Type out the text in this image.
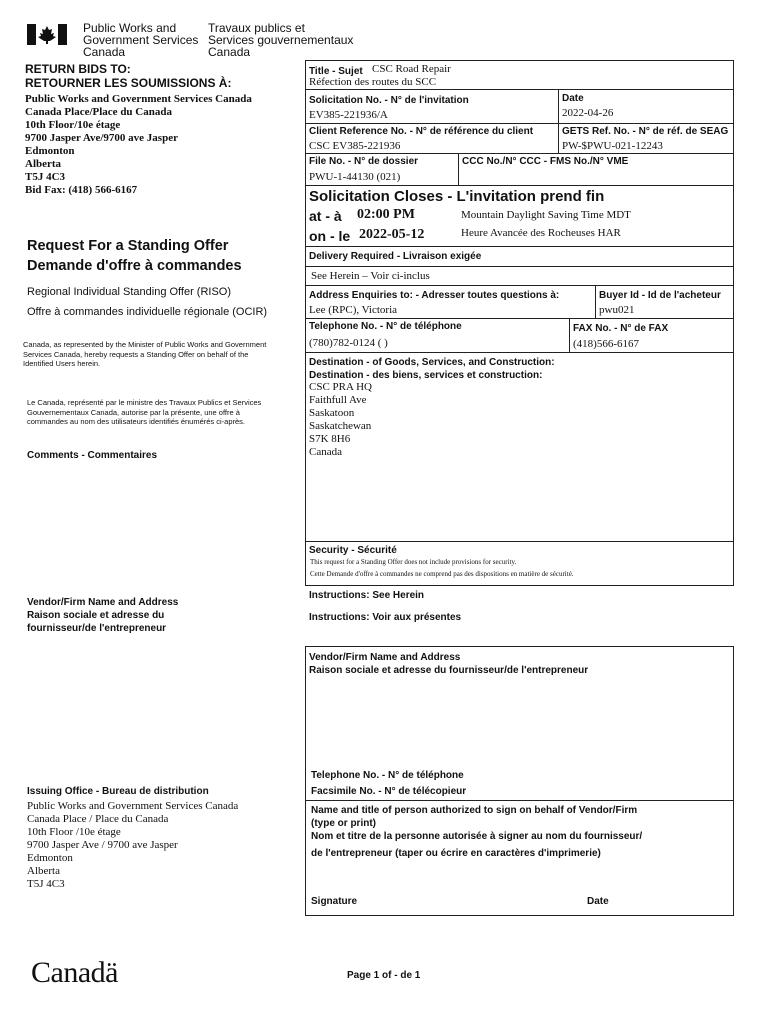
Public Works and
Government Services
Canada
Travaux publics et
Services gouvernementaux
Canada
RETURN BIDS TO:
RETOURNER LES SOUMISSIONS À:
Public Works and Government Services Canada
Canada Place/Place du Canada
10th Floor/10e étage
9700 Jasper Ave/9700 ave Jasper
Edmonton
Alberta
T5J 4C3
Bid Fax: (418) 566-6167
Request For a Standing Offer
Demande d'offre à commandes
Regional Individual Standing Offer (RISO)
Offre à commandes individuelle régionale (OCIR)
Canada, as represented by the Minister of Public Works and Government Services Canada, hereby requests a Standing Offer on behalf of the Identified Users herein.
Le Canada, représenté par le ministre des Travaux Publics et Services Gouvernementaux Canada, autorise par la présente, une offre à commandes au nom des utilisateurs identifiés énumérés ci-après.
Comments - Commentaires
Vendor/Firm Name and Address
Raison sociale et adresse du
fournisseur/de l'entrepreneur
Issuing Office - Bureau de distribution
Public Works and Government Services Canada
Canada Place / Place du Canada
10th Floor /10e étage
9700 Jasper Ave / 9700 ave Jasper
Edmonton
Alberta
T5J 4C3
Title - Sujet CSC Road Repair
Réfection des routes du SCC
Solicitation No. - N° de l'invitation
EV385-221936/A
Date
2022-04-26
Client Reference No. - N° de référence du client
CSC EV385-221936
GETS Ref. No. - N° de réf. de SEAG
PW-$PWU-021-12243
File No. - N° de dossier
PWU-1-44130 (021)
CCC No./N° CCC - FMS No./N° VME
Solicitation Closes - L'invitation prend fin
at - à 02:00 PM	Mountain Daylight Saving Time MDT
on - le 2022-05-12	Heure Avancée des Rocheuses HAR
Delivery Required - Livraison exigée
See Herein – Voir ci-inclus
Address Enquiries to: - Adresser toutes questions à:
Lee (RPC), Victoria
Buyer Id - Id de l'acheteur
pwu021
Telephone No. - N° de téléphone
(780)782-0124 ( )
FAX No. - N° de FAX
(418)566-6167
Destination - of Goods, Services, and Construction:
Destination - des biens, services et construction:
CSC PRA HQ
Faithfull Ave
Saskatoon
Saskatchewan
S7K 8H6
Canada
Security - Sécurité
This request for a Standing Offer does not include provisions for security.
Cette Demande d'offre à commandes ne comprend pas des dispositions en matière de sécurité.
Instructions: See Herein
Instructions: Voir aux présentes
Vendor/Firm Name and Address
Raison sociale et adresse du fournisseur/de l'entrepreneur
Telephone No. - N° de téléphone
Facsimile No. - N° de télécopieur
Name and title of person authorized to sign on behalf of Vendor/Firm
(type or print)
Nom et titre de la personne autorisée à signer au nom du fournisseur/
de l'entrepreneur (taper ou écrire en caractères d'imprimerie)
Signature	Date
Canadä	Page 1 of - de 1
